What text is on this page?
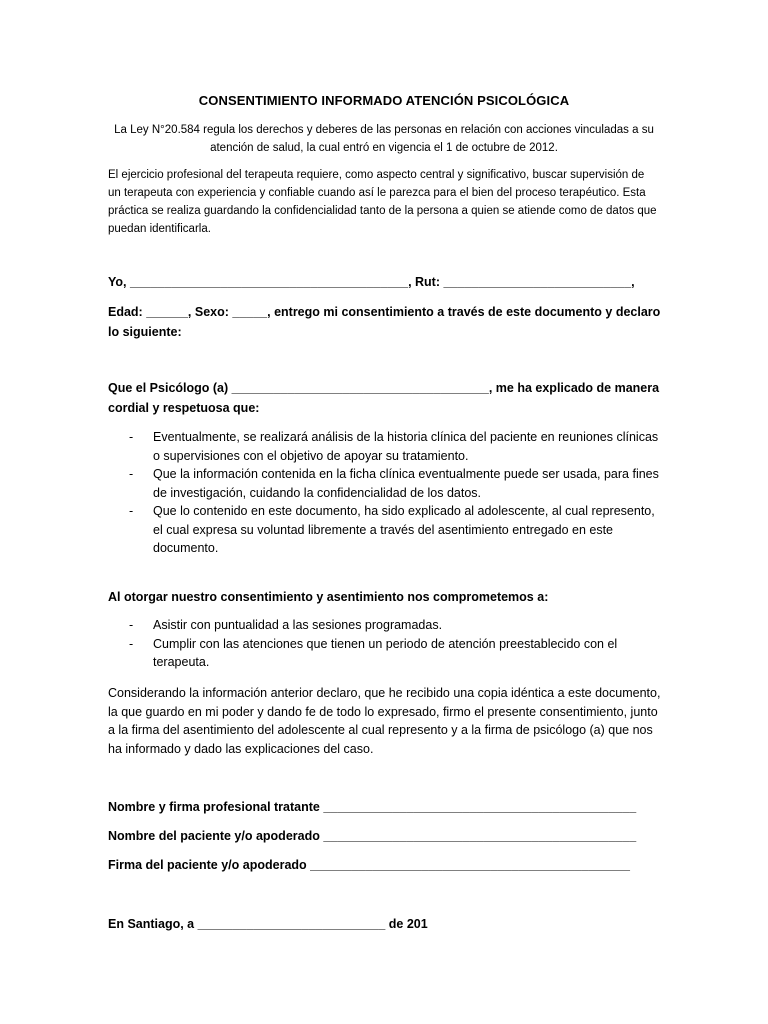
CONSENTIMIENTO INFORMADO ATENCIÓN PSICOLÓGICA
La Ley N°20.584 regula los derechos y deberes de las personas en relación con acciones vinculadas a su atención de salud, la cual entró en vigencia el 1 de octubre de 2012.
El ejercicio profesional del terapeuta requiere, como aspecto central y significativo, buscar supervisión de un terapeuta con experiencia y confiable cuando así le parezca para el bien del proceso terapéutico. Esta práctica se realiza guardando la confidencialidad tanto de la persona a quien se atiende como de datos que puedan identificarla.
Yo, ________________________________________, Rut: ___________________________,
Edad: ______, Sexo: _____, entrego mi consentimiento a través de este documento y declaro lo siguiente:
Que el Psicólogo (a) _____________________________________, me ha explicado de manera cordial y respetuosa que:
- Eventualmente, se realizará análisis de la historia clínica del paciente en reuniones clínicas o supervisiones con el objetivo de apoyar su tratamiento.
- Que la información contenida en la ficha clínica eventualmente puede ser usada, para fines de investigación, cuidando la confidencialidad de los datos.
- Que lo contenido en este documento, ha sido explicado al adolescente, al cual represento, el cual expresa su voluntad libremente a través del asentimiento entregado en este documento.
Al otorgar nuestro consentimiento y asentimiento nos comprometemos a:
- Asistir con puntualidad a las sesiones programadas.
- Cumplir con las atenciones que tienen un periodo de atención preestablecido con el terapeuta.
Considerando la información anterior declaro, que he recibido una copia idéntica a este documento, la que guardo en mi poder y dando fe de todo lo expresado, firmo el presente consentimiento, junto a la firma del asentimiento del adolescente al cual represento y a la firma de psicólogo (a) que nos ha informado y dado las explicaciones del caso.
Nombre y firma profesional tratante _____________________________________________
Nombre del paciente y/o apoderado _____________________________________________
Firma del paciente y/o apoderado ______________________________________________
En Santiago, a ___________________________ de 201
